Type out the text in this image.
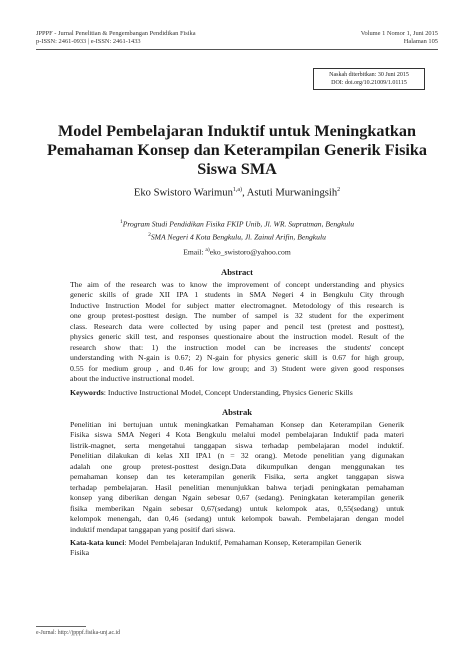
JPPPF - Jurnal Penelitian & Pengembangan Pendidikan Fisika
p-ISSN: 2461-0933 | e-ISSN: 2461-1433
Volume 1 Nomor 1, Juni 2015
Halaman 105
Naskah diterbitkan: 30 Juni 2015
DOI: doi.org/10.21009/1.01115
Model Pembelajaran Induktif untuk Meningkatkan
Pemahaman Konsep dan Keterampilan Generik Fisika
Siswa SMA
Eko Swistoro Warimun$^{1,a)}$, Astuti Murwaningsih$^2$
$^1$Program Studi Pendidikan Fisika FKIP Unib, Jl. WR. Supratman, Bengkulu
$^2$SMA Negeri 4 Kota Bengkulu, Jl. Zainul Arifin, Bengkulu
Email: $^{a)}$eko_swistoro@yahoo.com
Abstract
The aim of the research was to know the improvement of concept understanding and physics
generic skills of grade XII IPA 1 students in SMA Negeri 4 in Bengkulu City through
Inductive Instruction Model for subject matter electromagnet. Metodology of this research is
one group pretest-posttest design. The number of sampel is 32 student for the experiment
class. Research data were collected by using paper and pencil test (pretest and posttest),
physics generic skill test, and responses questionaire about the instruction model. Result of the
research show that: 1) the instruction model can be increases the students' concept
understanding with N-gain is 0.67; 2) N-gain for physics generic skill is 0.67 for high group,
0.55 for medium group , and 0.46 for low group; and 3) Student were given good responses
about the inductive instructional model.
Keywords: Inductive Instructional Model, Concept Understanding, Physics Generic Skills
Abstrak
Penelitian ini bertujuan untuk meningkatkan Pemahaman Konsep dan Keterampilan Generik
Fisika siswa SMA Negeri 4 Kota Bengkulu melalui model pembelajaran Induktif pada materi
listrik-magnet, serta mengetahui tanggapan siswa terhadap pembelajaran model induktif.
Penelitian dilakukan di kelas XII IPA1 (n = 32 orang). Metode penelitian yang digunakan
adalah one group pretest-posttest design.Data dikumpulkan dengan menggunakan tes
pemahaman konsep dan tes keterampilan generik Fisika, serta angket tanggapan siswa
terhadap pembelajaran. Hasil penelitian menunjukkan bahwa terjadi peningkatan pemahaman
konsep yang diberikan dengan Ngain sebesar 0,67 (sedang). Peningkatan keterampilan generik
fisika memberikan Ngain sebesar 0,67(sedang) untuk kelompok atas, 0,55(sedang) untuk
kelompok menengah, dan 0,46 (sedang) untuk kelompok bawah. Pembelajaran dengan model
induktif mendapat tanggapan yang positif dari siswa.
Kata-kata kunci: Model Pembelajaran Induktif, Pemahaman Konsep, Keterampilan Generik
Fisika
e-Jurnal: http://jpppf.fisika-unj.ac.id
